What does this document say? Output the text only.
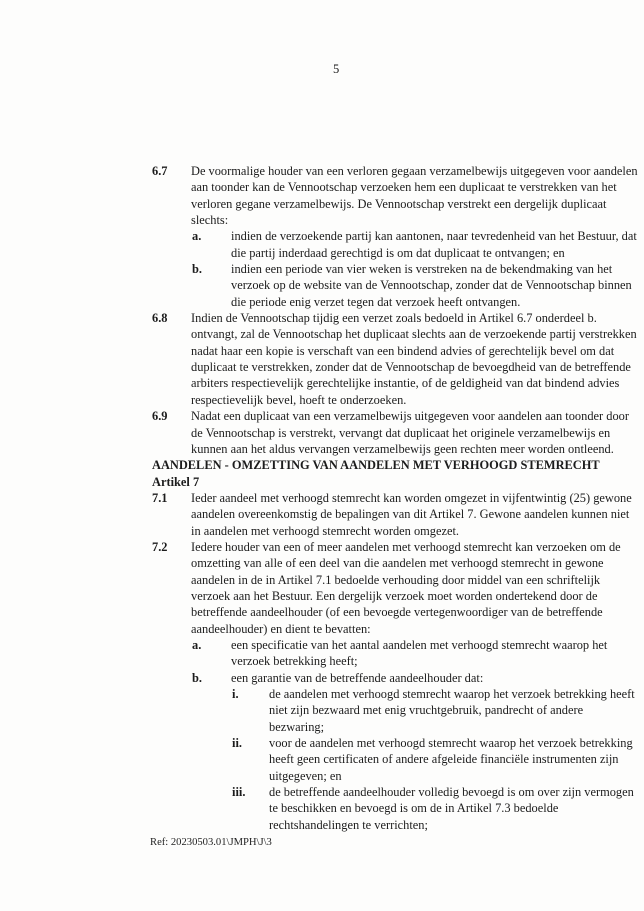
5
6.7 De voormalige houder van een verloren gegaan verzamelbewijs uitgegeven voor aandelen
aan toonder kan de Vennootschap verzoeken hem een duplicaat te verstrekken van het
verloren gegane verzamelbewijs. De Vennootschap verstrekt een dergelijk duplicaat
slechts:
a. indien de verzoekende partij kan aantonen, naar tevredenheid van het Bestuur, dat
die partij inderdaad gerechtigd is om dat duplicaat te ontvangen; en
b. indien een periode van vier weken is verstreken na de bekendmaking van het
verzoek op de website van de Vennootschap, zonder dat de Vennootschap binnen
die periode enig verzet tegen dat verzoek heeft ontvangen.
6.8 Indien de Vennootschap tijdig een verzet zoals bedoeld in Artikel 6.7 onderdeel b.
ontvangt, zal de Vennootschap het duplicaat slechts aan de verzoekende partij verstrekken
nadat haar een kopie is verschaft van een bindend advies of gerechtelijk bevel om dat
duplicaat te verstrekken, zonder dat de Vennootschap de bevoegdheid van de betreffende
arbiters respectievelijk gerechtelijke instantie, of de geldigheid van dat bindend advies
respectievelijk bevel, hoeft te onderzoeken.
6.9 Nadat een duplicaat van een verzamelbewijs uitgegeven voor aandelen aan toonder door
de Vennootschap is verstrekt, vervangt dat duplicaat het originele verzamelbewijs en
kunnen aan het aldus vervangen verzamelbewijs geen rechten meer worden ontleend.
AANDELEN - OMZETTING VAN AANDELEN MET VERHOOGD STEMRECHT
Artikel 7
7.1 Ieder aandeel met verhoogd stemrecht kan worden omgezet in vijfentwintig (25) gewone
aandelen overeenkomstig de bepalingen van dit Artikel 7. Gewone aandelen kunnen niet
in aandelen met verhoogd stemrecht worden omgezet.
7.2 Iedere houder van een of meer aandelen met verhoogd stemrecht kan verzoeken om de
omzetting van alle of een deel van die aandelen met verhoogd stemrecht in gewone
aandelen in de in Artikel 7.1 bedoelde verhouding door middel van een schriftelijk
verzoek aan het Bestuur. Een dergelijk verzoek moet worden ondertekend door de
betreffende aandeelhouder (of een bevoegde vertegenwoordiger van de betreffende
aandeelhouder) en dient te bevatten:
a. een specificatie van het aantal aandelen met verhoogd stemrecht waarop het
verzoek betrekking heeft;
b. een garantie van de betreffende aandeelhouder dat:
i. de aandelen met verhoogd stemrecht waarop het verzoek betrekking heeft
niet zijn bezwaard met enig vruchtgebruik, pandrecht of andere
bezwaring;
ii. voor de aandelen met verhoogd stemrecht waarop het verzoek betrekking
heeft geen certificaten of andere afgeleide financiële instrumenten zijn
uitgegeven; en
iii. de betreffende aandeelhouder volledig bevoegd is om over zijn vermogen
te beschikken en bevoegd is om de in Artikel 7.3 bedoelde
rechtshandelingen te verrichten;
Ref: 20230503.01\JMPH\J\3
